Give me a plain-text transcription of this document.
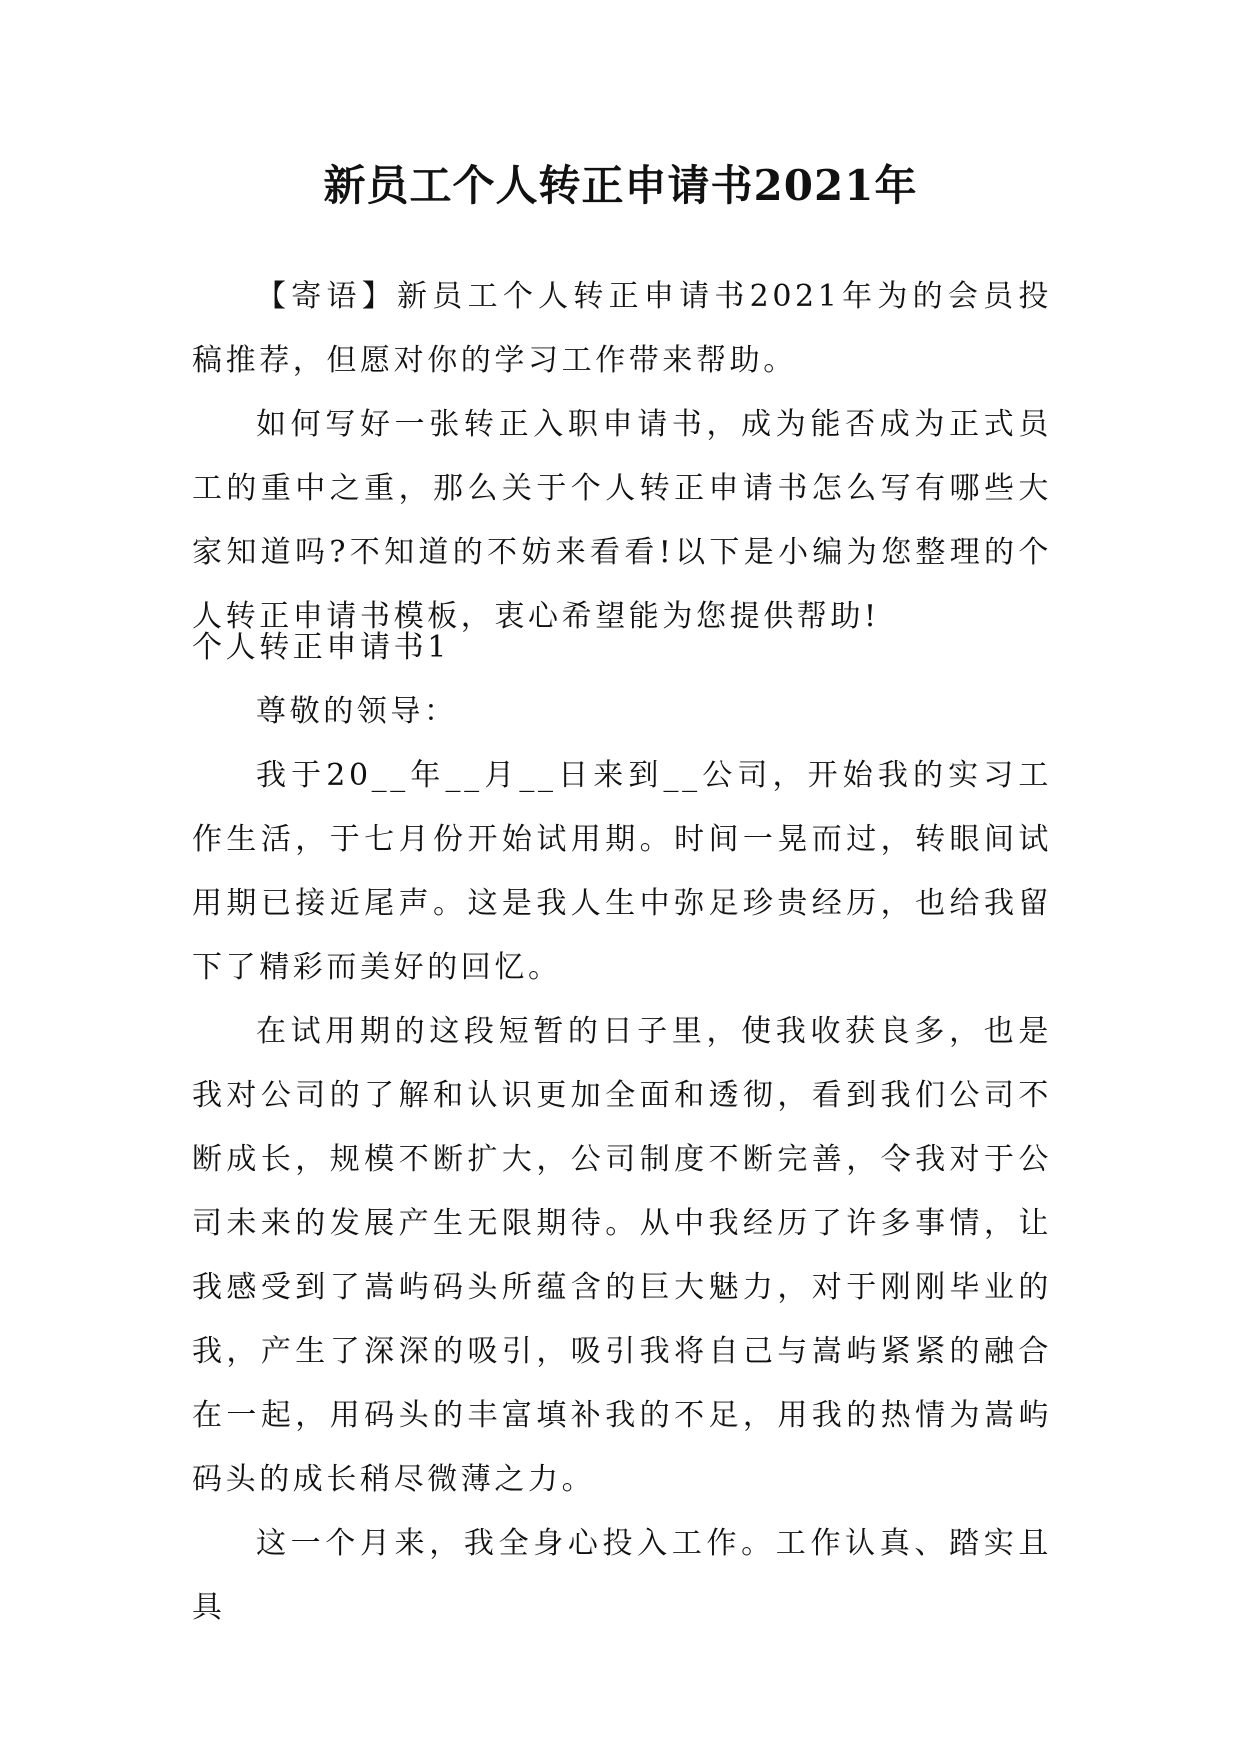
新员工个人转正申请书2021年

【寄语】新员工个人转正申请书2021年为的会员投稿推荐，但愿对你的学习工作带来帮助。

如何写好一张转正入职申请书，成为能否成为正式员工的重中之重，那么关于个人转正申请书怎么写有哪些大家知道吗?不知道的不妨来看看!以下是小编为您整理的个人转正申请书模板，衷心希望能为您提供帮助!

个人转正申请书1

尊敬的领导：

我于20__年__月__日来到__公司，开始我的实习工作生活，于七月份开始试用期。时间一晃而过，转眼间试用期已接近尾声。这是我人生中弥足珍贵经历，也给我留下了精彩而美好的回忆。

在试用期的这段短暂的日子里，使我收获良多，也是我对公司的了解和认识更加全面和透彻，看到我们公司不断成长，规模不断扩大，公司制度不断完善，令我对于公司未来的发展产生无限期待。从中我经历了许多事情，让我感受到了嵩屿码头所蕴含的巨大魅力，对于刚刚毕业的我，产生了深深的吸引，吸引我将自己与嵩屿紧紧的融合在一起，用码头的丰富填补我的不足，用我的热情为嵩屿码头的成长稍尽微薄之力。

这一个月来，我全身心投入工作。工作认真、踏实且具
